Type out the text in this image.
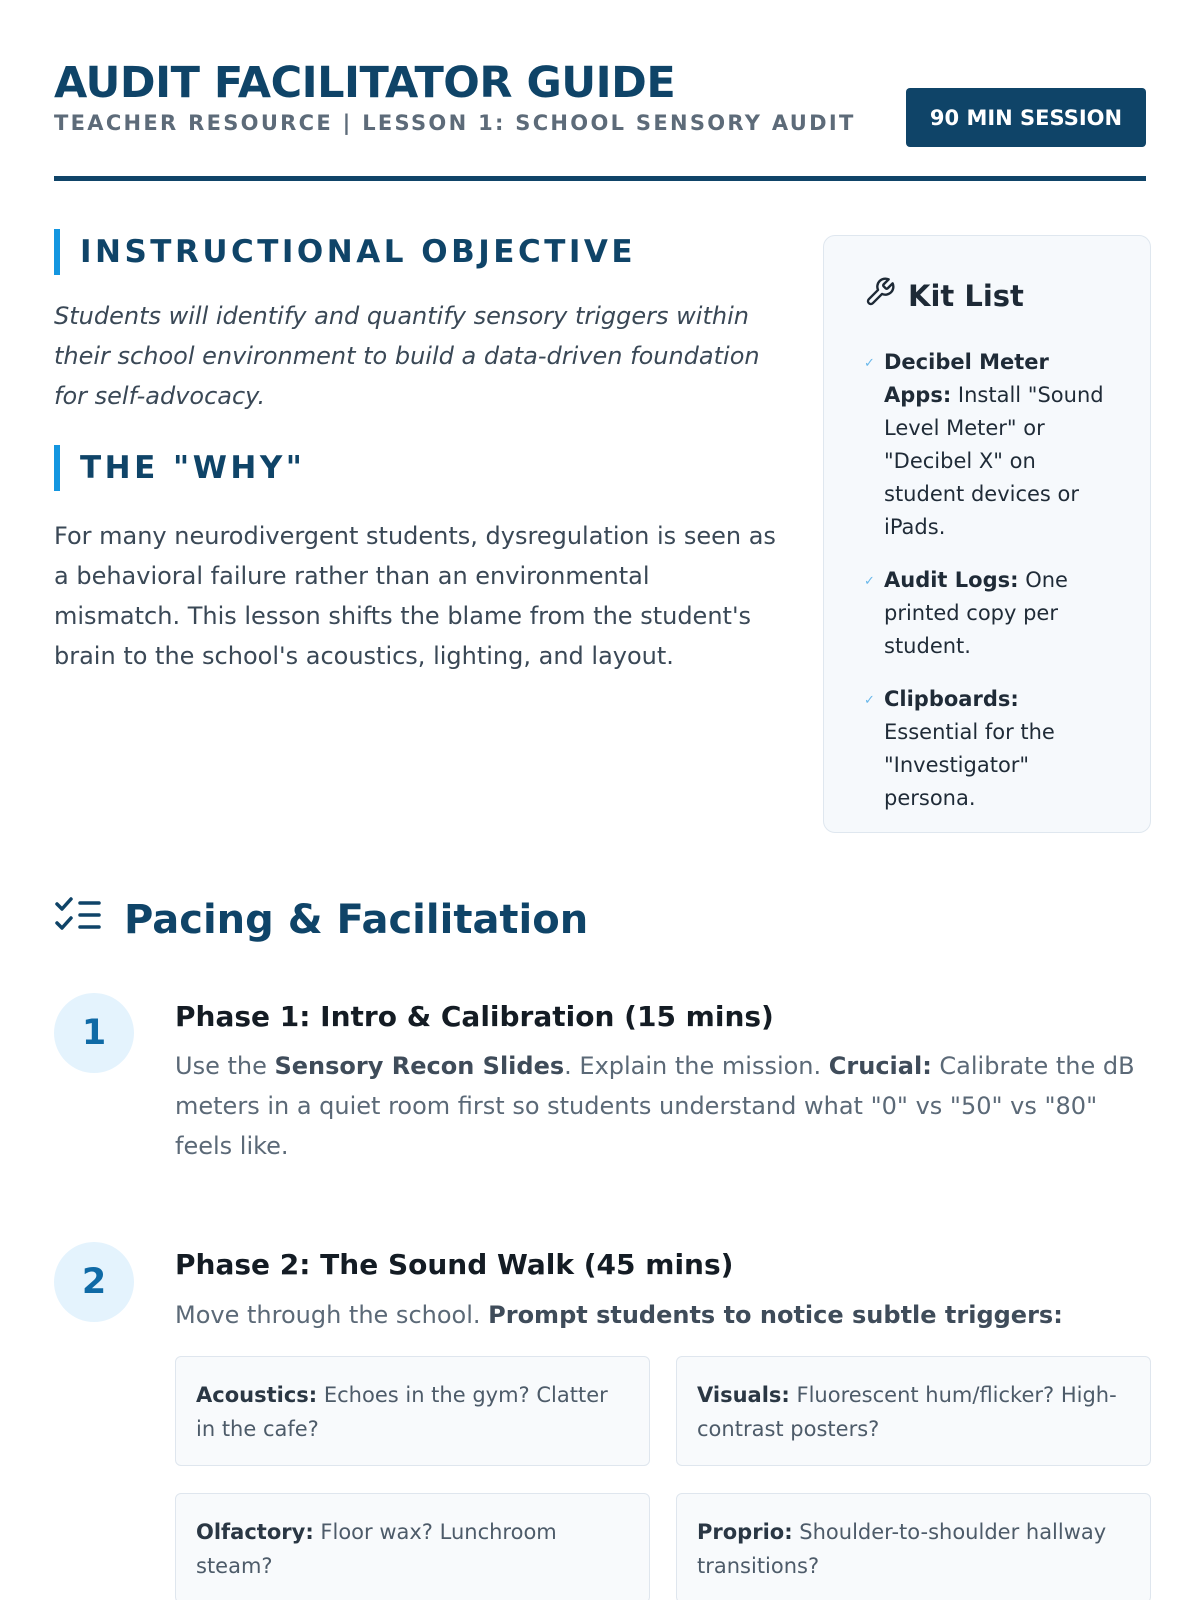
AUDIT FACILITATOR GUIDE
TEACHER RESOURCE | LESSON 1: SCHOOL SENSORY AUDIT	90 MIN SESSION
INSTRUCTIONAL OBJECTIVE

Students will identify and quantify sensory triggers within their school environment to build a data-driven foundation for self-advocacy.

THE "WHY"

For many neurodivergent students, dysregulation is seen as a behavioral failure rather than an environmental mismatch. This lesson shifts the blame from the student's brain to the school's acoustics, lighting, and layout.

Kit List
✓ Decibel Meter Apps: Install "Sound Level Meter" or "Decibel X" on student devices or iPads.
✓ Audit Logs: One printed copy per student.
✓ Clipboards: Essential for the "Investigator" persona.
Pacing & Facilitation
1	Phase 1: Intro & Calibration (15 mins)

Use the Sensory Recon Slides. Explain the mission. Crucial: Calibrate the dB meters in a quiet room first so students understand what "0" vs "50" vs "80" feels like.

2	Phase 2: The Sound Walk (45 mins)

Move through the school. Prompt students to notice subtle triggers:

Acoustics: Echoes in the gym? Clatter in the cafe?
Visuals: Fluorescent hum/flicker? High-contrast posters?
Olfactory: Floor wax? Lunchroom steam?
Proprio: Shoulder-to-shoulder hallway transitions?
